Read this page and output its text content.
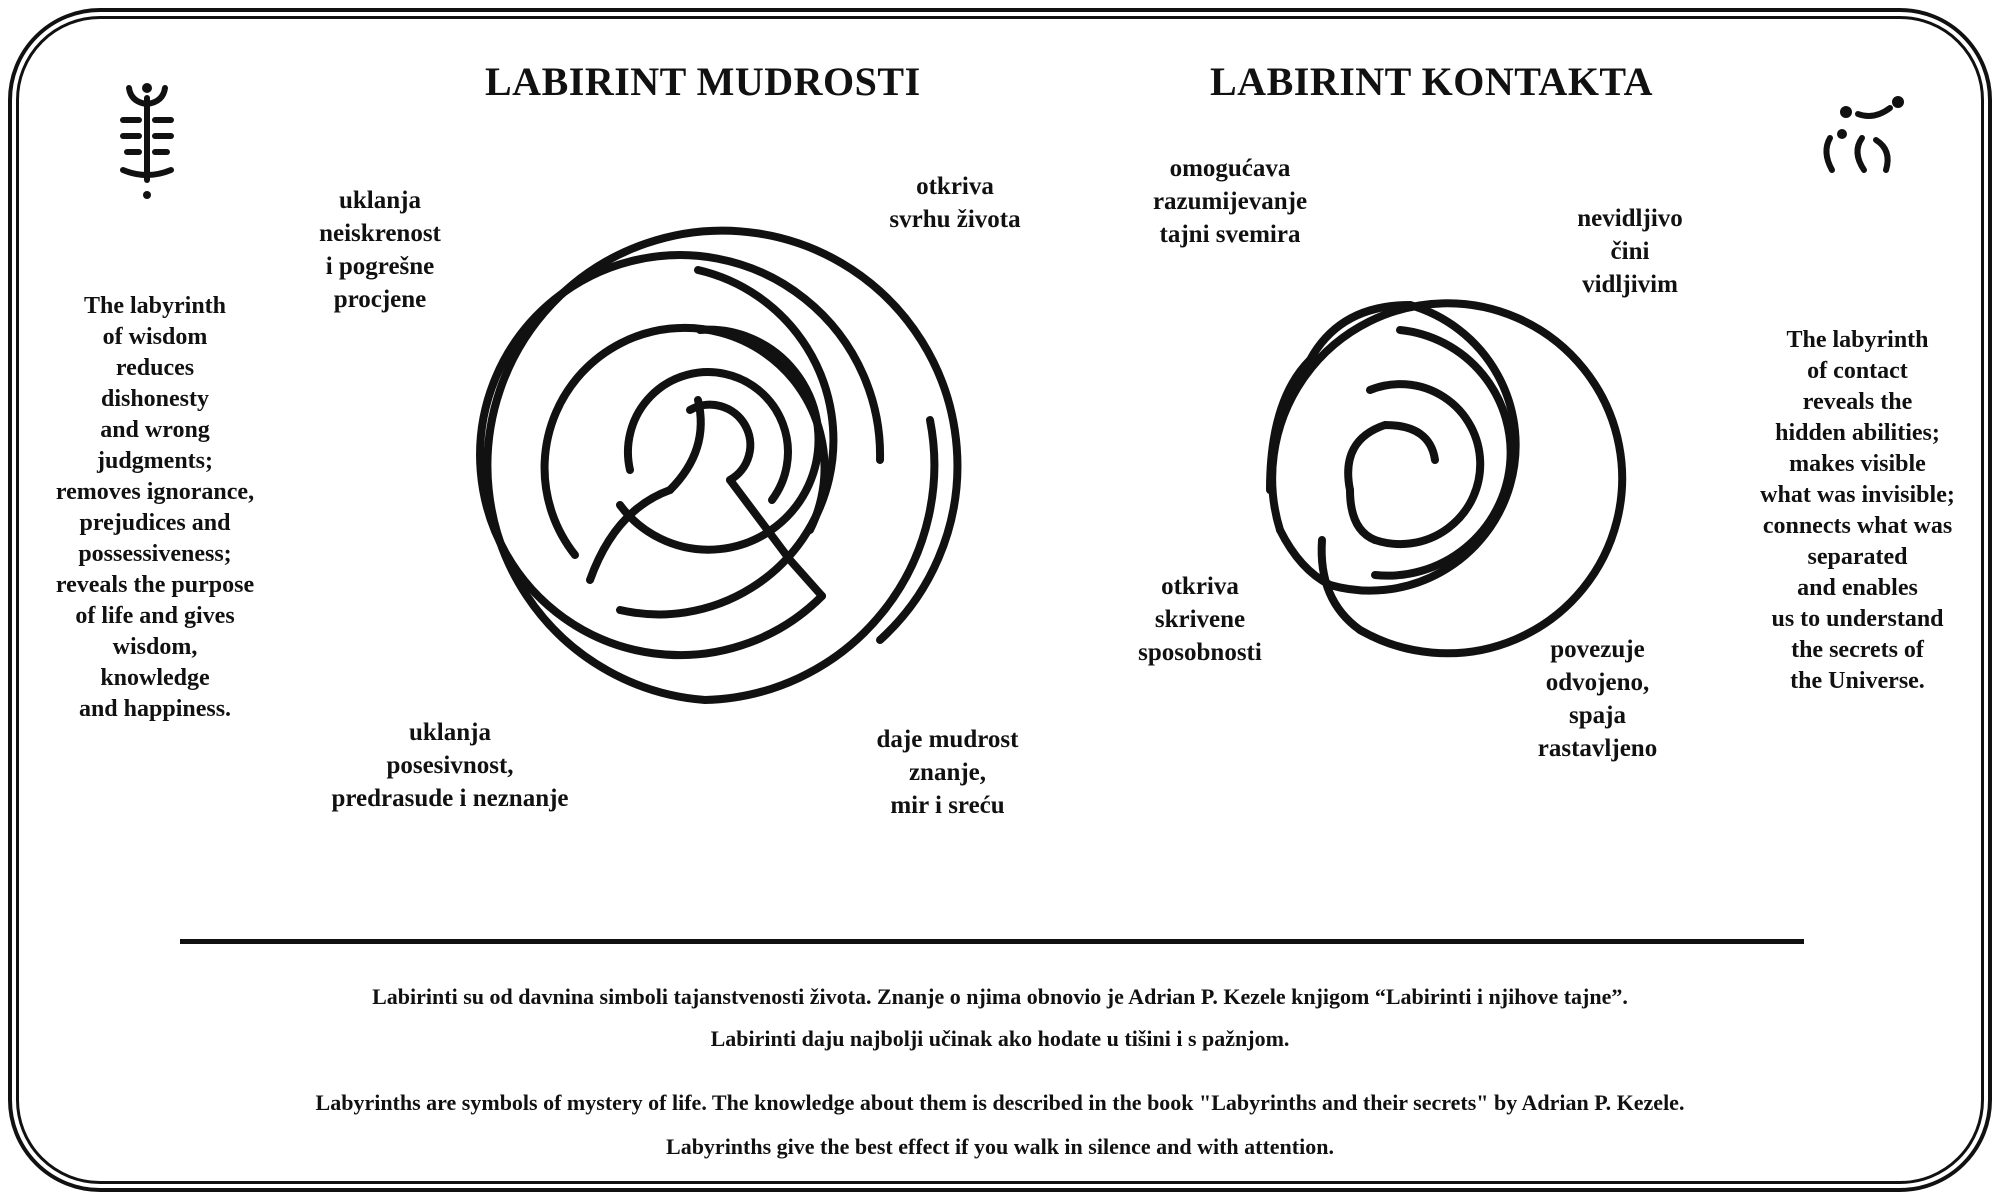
LABIRINT MUDROSTI	LABIRINT KONTAKTA
uklanja
neiskrenost
i pogrešne
procjene
otkriva
svrhu života
uklanja
posesivnost,
predrasude i neznanje
daje mudrost
znanje,
mir i sreću
omogućava
razumijevanje
tajni svemira
nevidljivo
čini
vidljivim
otkriva
skrivene
sposobnosti	povezuje
odvojeno,
spaja
rastavljeno
The labyrinth
of wisdom
reduces
dishonesty
and wrong
judgments;
removes ignorance,
prejudices and
possessiveness;
reveals the purpose
of life and gives
wisdom,
knowledge
and happiness.
The labyrinth
of contact
reveals the
hidden abilities;
makes visible
what was invisible;
connects what was
separated
and enables
us to understand
the secrets of
the Universe.
Labirinti su od davnina simboli tajanstvenosti života. Znanje o njima obnovio je Adrian P. Kezele knjigom “Labirinti i njihove tajne”.
Labirinti daju najbolji učinak ako hodate u tišini i s pažnjom.
Labyrinths are symbols of mystery of life. The knowledge about them is described in the book "Labyrinths and their secrets" by Adrian P. Kezele.
Labyrinths give the best effect if you walk in silence and with attention.
